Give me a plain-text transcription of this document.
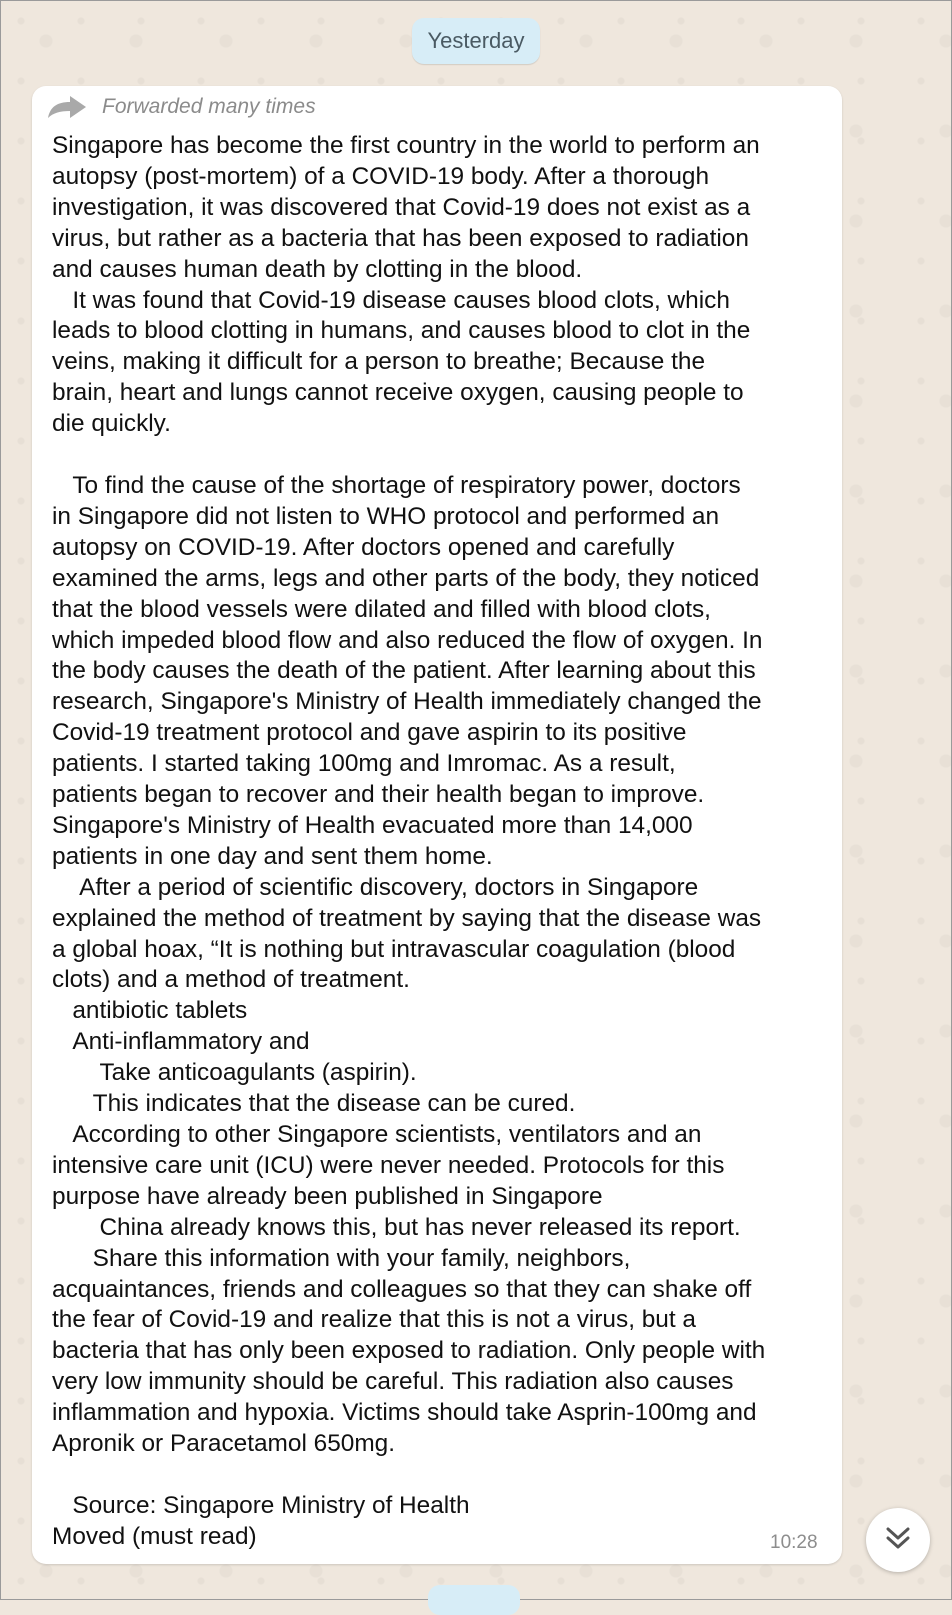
Yesterday
Forwarded many times
Singapore has become the first country in the world to perform an
autopsy (post-mortem) of a COVID-19 body. After a thorough
investigation, it was discovered that Covid-19 does not exist as a
virus, but rather as a bacteria that has been exposed to radiation
and causes human death by clotting in the blood.
It was found that Covid-19 disease causes blood clots, which
leads to blood clotting in humans, and causes blood to clot in the
veins, making it difficult for a person to breathe; Because the
brain, heart and lungs cannot receive oxygen, causing people to
die quickly.

To find the cause of the shortage of respiratory power, doctors
in Singapore did not listen to WHO protocol and performed an
autopsy on COVID-19. After doctors opened and carefully
examined the arms, legs and other parts of the body, they noticed
that the blood vessels were dilated and filled with blood clots,
which impeded blood flow and also reduced the flow of oxygen. In
the body causes the death of the patient. After learning about this
research, Singapore's Ministry of Health immediately changed the
Covid-19 treatment protocol and gave aspirin to its positive
patients. I started taking 100mg and Imromac. As a result,
patients began to recover and their health began to improve.
Singapore's Ministry of Health evacuated more than 14,000
patients in one day and sent them home.
After a period of scientific discovery, doctors in Singapore
explained the method of treatment by saying that the disease was
a global hoax, “It is nothing but intravascular coagulation (blood
clots) and a method of treatment.
antibiotic tablets
Anti-inflammatory and
Take anticoagulants (aspirin).
This indicates that the disease can be cured.
According to other Singapore scientists, ventilators and an
intensive care unit (ICU) were never needed. Protocols for this
purpose have already been published in Singapore
China already knows this, but has never released its report.
Share this information with your family, neighbors,
acquaintances, friends and colleagues so that they can shake off
the fear of Covid-19 and realize that this is not a virus, but a
bacteria that has only been exposed to radiation. Only people with
very low immunity should be careful. This radiation also causes
inflammation and hypoxia. Victims should take Asprin-100mg and
Apronik or Paracetamol 650mg.

Source: Singapore Ministry of Health
Moved (must read)	10:28
